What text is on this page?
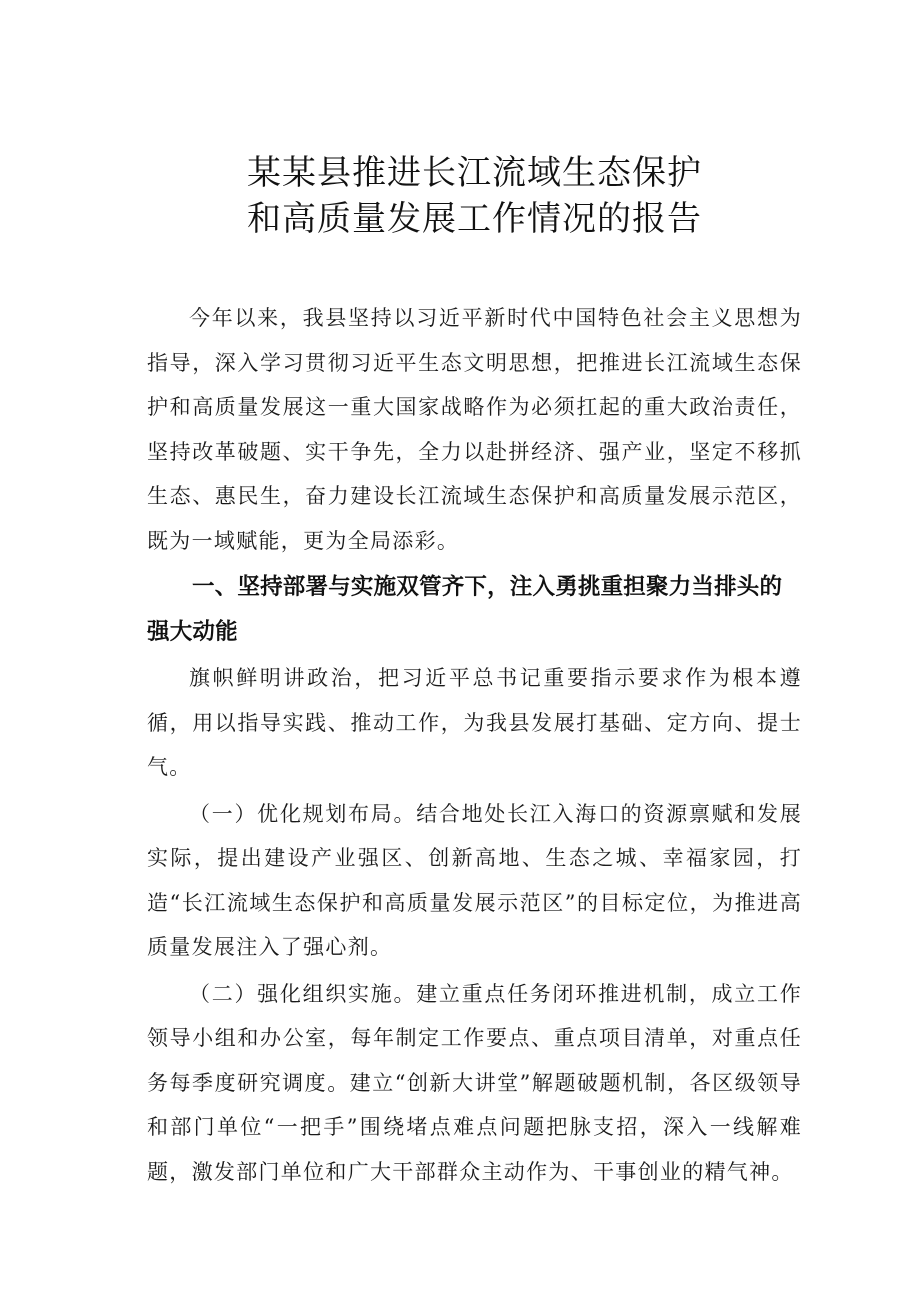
某某县推进长江流域生态保护
和高质量发展工作情况的报告

今年以来，我县坚持以习近平新时代中国特色社会主义思想为指导，深入学习贯彻习近平生态文明思想，把推进长江流域生态保护和高质量发展这一重大国家战略作为必须扛起的重大政治责任，坚持改革破题、实干争先，全力以赴拼经济、强产业，坚定不移抓生态、惠民生，奋力建设长江流域生态保护和高质量发展示范区，既为一域赋能，更为全局添彩。

一、坚持部署与实施双管齐下，注入勇挑重担聚力当排头的强大动能

旗帜鲜明讲政治，把习近平总书记重要指示要求作为根本遵循，用以指导实践、推动工作，为我县发展打基础、定方向、提士气。

（一）优化规划布局。结合地处长江入海口的资源禀赋和发展实际，提出建设产业强区、创新高地、生态之城、幸福家园，打造“长江流域生态保护和高质量发展示范区”的目标定位，为推进高质量发展注入了强心剂。

（二）强化组织实施。建立重点任务闭环推进机制，成立工作领导小组和办公室，每年制定工作要点、重点项目清单，对重点任务每季度研究调度。建立“创新大讲堂”解题破题机制，各区级领导和部门单位“一把手”围绕堵点难点问题把脉支招，深入一线解难题，激发部门单位和广大干部群众主动作为、干事创业的精气神。
